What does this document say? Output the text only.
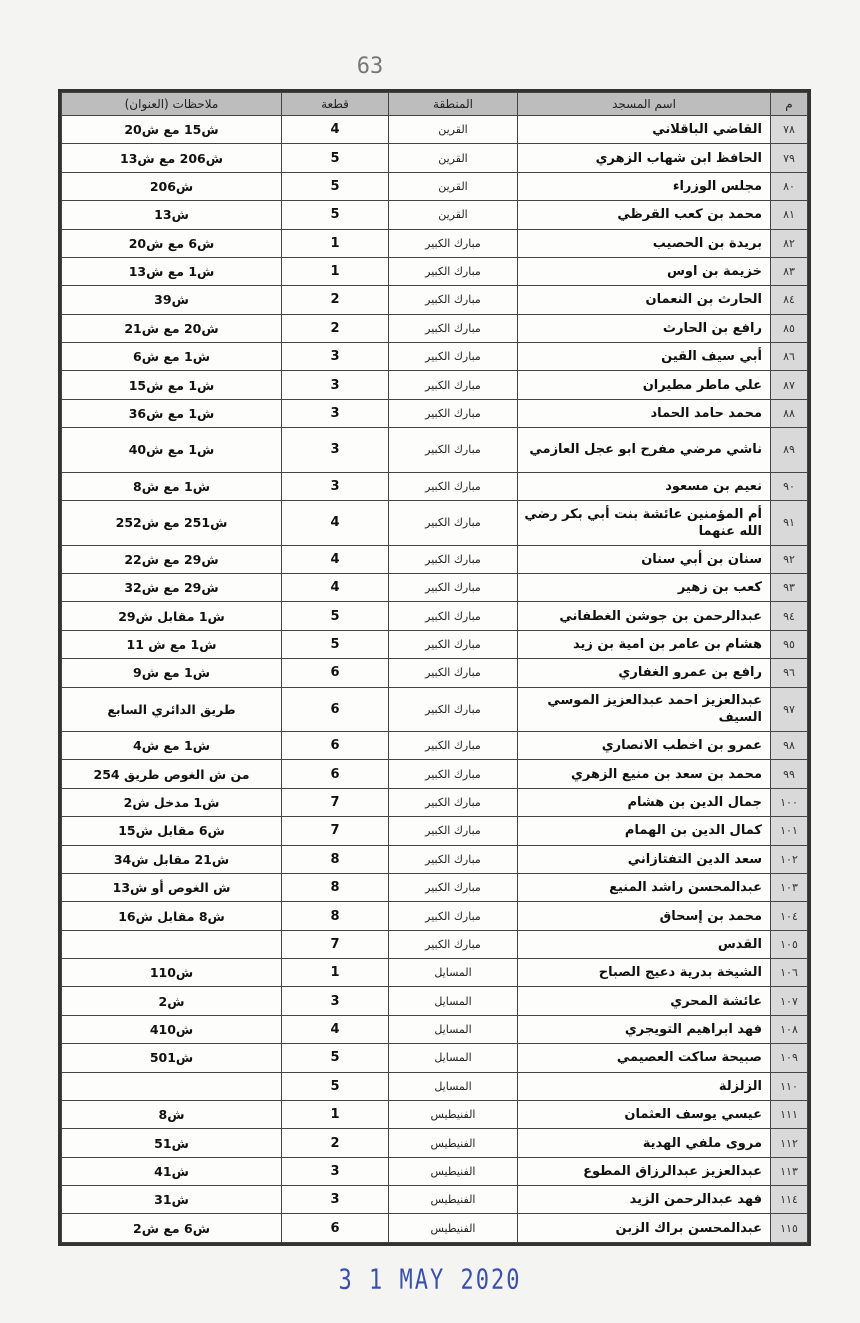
63
م	اسم المسجد	المنطقة	قطعة	ملاحظات (العنوان)
٧٨	القاضي الباقلاني	القرين	4	ش15 مع ش20
٧٩	الحافظ ابن شهاب الزهري	القرين	5	ش206 مع ش13
٨٠	مجلس الوزراء	القرين	5	ش206
٨١	محمد بن كعب القرظي	القرين	5	ش13
٨٢	بريدة بن الحصيب	مبارك الكبير	1	ش6 مع ش20
٨٣	خزيمة بن اوس	مبارك الكبير	1	ش1 مع ش13
٨٤	الحارث بن النعمان	مبارك الكبير	2	ش39
٨٥	رافع بن الحارث	مبارك الكبير	2	ش20 مع ش21
٨٦	أبي سيف القين	مبارك الكبير	3	ش1 مع ش6
٨٧	علي ماطر مطيران	مبارك الكبير	3	ش1 مع ش15
٨٨	محمد حامد الحماد	مبارك الكبير	3	ش1 مع ش36
٨٩	ناشي مرضي مفرح ابو عجل العازمي	مبارك الكبير	3	ش1 مع ش40
٩٠	نعيم بن مسعود	مبارك الكبير	3	ش1 مع ش8
٩١	أم المؤمنين عائشة بنت أبي بكر رضي الله عنهما	مبارك الكبير	4	ش251 مع ش252
٩٢	سنان بن أبي سنان	مبارك الكبير	4	ش29 مع ش22
٩٣	كعب بن زهير	مبارك الكبير	4	ش29 مع ش32
٩٤	عبدالرحمن بن جوشن الغطفاني	مبارك الكبير	5	ش1 مقابل ش29
٩٥	هشام بن عامر بن امية بن زيد	مبارك الكبير	5	ش1 مع ش 11
٩٦	رافع بن عمرو الغفاري	مبارك الكبير	6	ش1 مع ش9
٩٧	عبدالعزيز احمد عبدالعزيز الموسي السيف	مبارك الكبير	6	طريق الدائري السابع
٩٨	عمرو بن اخطب الانصاري	مبارك الكبير	6	ش1 مع ش4
٩٩	محمد بن سعد بن منيع الزهري	مبارك الكبير	6	من ش الغوص طريق 254
١٠٠	جمال الدين بن هشام	مبارك الكبير	7	ش1 مدخل ش2
١٠١	كمال الدين بن الهمام	مبارك الكبير	7	ش6 مقابل ش15
١٠٢	سعد الدين التفتازاني	مبارك الكبير	8	ش21 مقابل ش34
١٠٣	عبدالمحسن راشد المنيع	مبارك الكبير	8	ش الغوص أو ش13
١٠٤	محمد بن إسحاق	مبارك الكبير	8	ش8 مقابل ش16
١٠٥	القدس	مبارك الكبير	7	
١٠٦	الشيخة بدرية دعيج الصباح	المسايل	1	ش110
١٠٧	عائشة المحري	المسايل	3	ش2
١٠٨	فهد ابراهيم التويجري	المسايل	4	ش410
١٠٩	صبيحة ساكت العصيمي	المسايل	5	ش501
١١٠	الزلزلة	المسايل	5	
١١١	عيسي يوسف العثمان	الفنيطيس	1	ش8
١١٢	مروى ملفي الهدية	الفنيطيس	2	ش51
١١٣	عبدالعزيز عبدالرزاق المطوع	الفنيطيس	3	ش41
١١٤	فهد عبدالرحمن الزيد	الفنيطيس	3	ش31
١١٥	عبدالمحسن براك الزبن	الفنيطيس	6	ش6 مع ش2
3 1 MAY 2020
